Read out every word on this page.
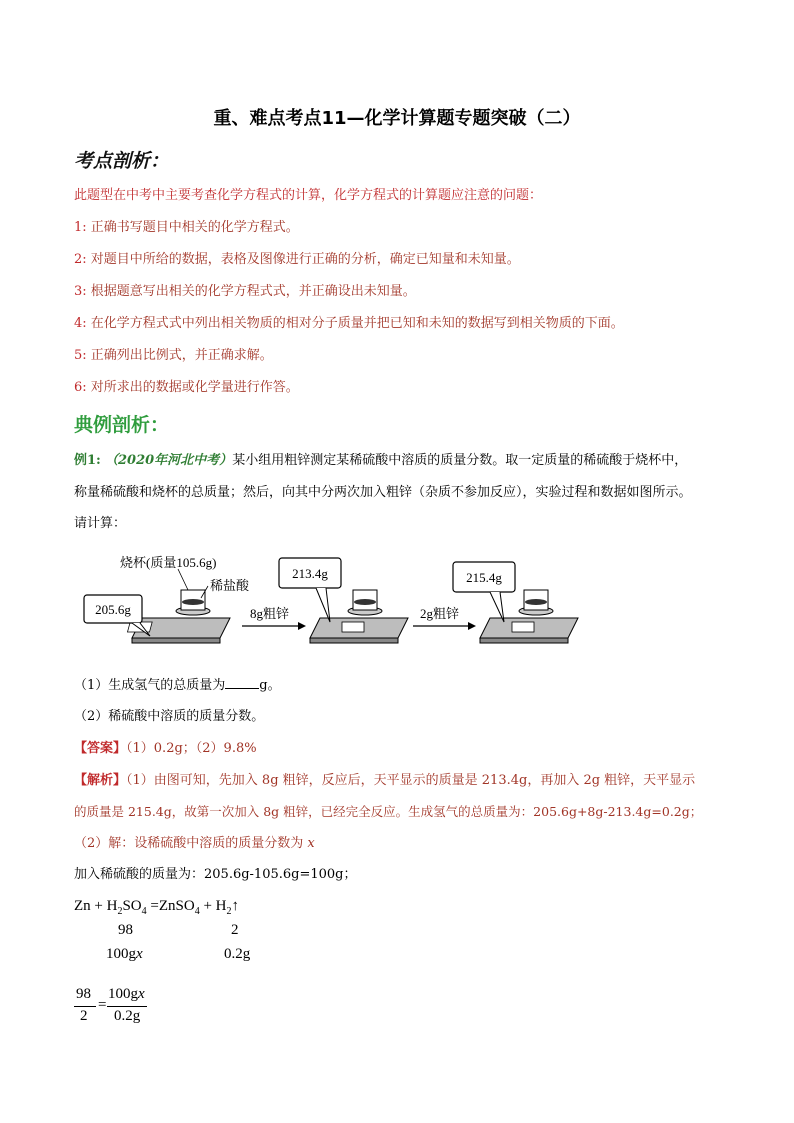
重、难点考点11—化学计算题专题突破（二）
考点剖析：
此题型在中考中主要考查化学方程式的计算，化学方程式的计算题应注意的问题：
1: 正确书写题目中相关的化学方程式。
2: 对题目中所给的数据，表格及图像进行正确的分析，确定已知量和未知量。
3: 根据题意写出相关的化学方程式式，并正确设出未知量。
4: 在化学方程式式中列出相关物质的相对分子质量并把已知和未知的数据写到相关物质的下面。
5: 正确列出比例式，并正确求解。
6: 对所求出的数据或化学量进行作答。
典例剖析：
例1: （2020年河北中考）某小组用粗锌测定某稀硫酸中溶质的质量分数。取一定质量的稀硫酸于烧杯中，
称量稀硫酸和烧杯的总质量；然后，向其中分两次加入粗锌（杂质不参加反应），实验过程和数据如图所示。
请计算：
205.6g
烧杯(质量105.6g)
稀盐酸
8g粗锌
213.4g
2g粗锌
215.4g
（1）生成氢气的总质量为	g。
（2）稀硫酸中溶质的质量分数。
【答案】（1）0.2g；（2）9.8%
【解析】（1）由图可知，先加入 8g 粗锌，反应后，天平显示的质量是 213.4g，再加入 2g 粗锌，天平显示
的质量是 215.4g，故第一次加入 8g 粗锌，已经完全反应。生成氢气的总质量为：205.6g+8g-213.4g=0.2g；
（2）解：设稀硫酸中溶质的质量分数为 x
加入稀硫酸的质量为：205.6g-105.6g=100g；
$Zn + H_2SO_4$ =ZnSO$_4$ + $H_2↑$
98	2
100gx	0.2g
98
2
=
100gx
0.2g
